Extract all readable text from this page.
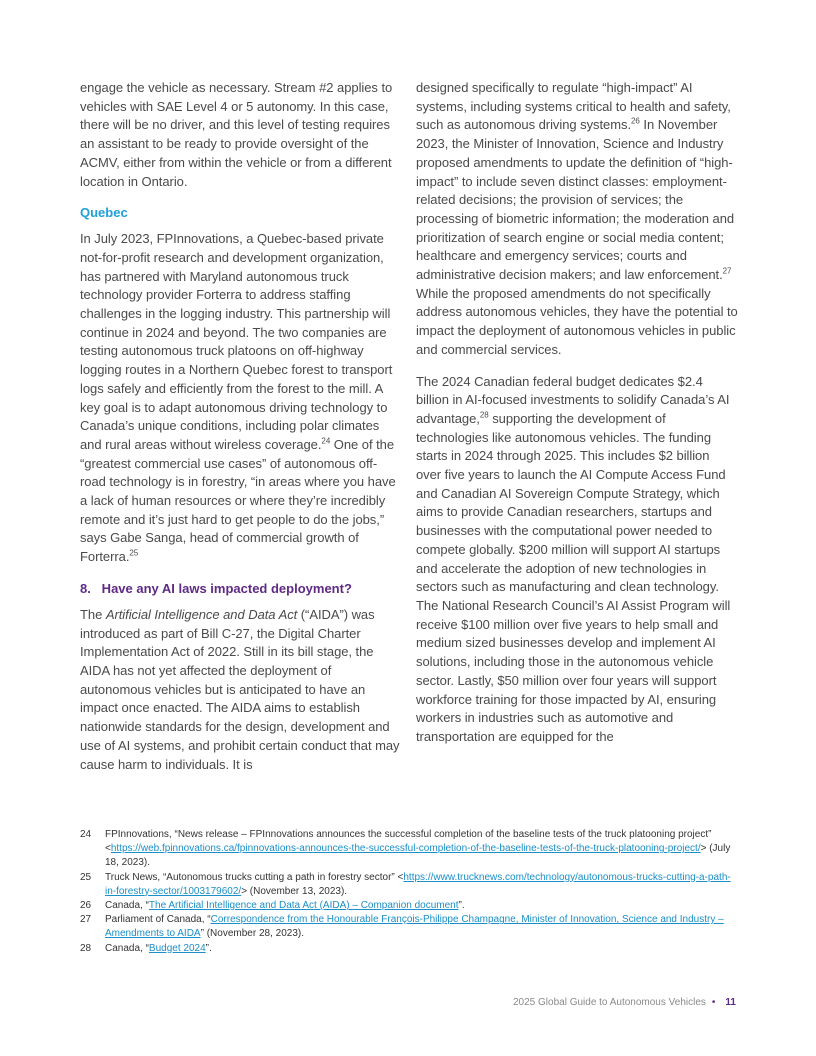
engage the vehicle as necessary. Stream #2 applies to vehicles with SAE Level 4 or 5 autonomy. In this case, there will be no driver, and this level of testing requires an assistant to be ready to provide oversight of the ACMV, either from within the vehicle or from a different location in Ontario.

Quebec

In July 2023, FPInnovations, a Quebec-based private not-for-profit research and development organization, has partnered with Maryland autonomous truck technology provider Forterra to address staffing challenges in the logging industry. This partnership will continue in 2024 and beyond. The two companies are testing autonomous truck platoons on off-highway logging routes in a Northern Quebec forest to transport logs safely and efficiently from the forest to the mill. A key goal is to adapt autonomous driving technology to Canada’s unique conditions, including polar climates and rural areas without wireless coverage.$^{24}$ One of the “greatest commercial use cases” of autonomous off-road technology is in forestry, “in areas where you have a lack of human resources or where they’re incredibly remote and it’s just hard to get people to do the jobs,” says Gabe Sanga, head of commercial growth of Forterra.$^{25}$

8.   Have any AI laws impacted deployment?

The Artificial Intelligence and Data Act (“AIDA”) was introduced as part of Bill C-27, the Digital Charter Implementation Act of 2022. Still in its bill stage, the AIDA has not yet affected the deployment of autonomous vehicles but is anticipated to have an impact once enacted. The AIDA aims to establish nationwide standards for the design, development and use of AI systems, and prohibit certain conduct that may cause harm to individuals. It is

designed specifically to regulate “high-impact” AI systems, including systems critical to health and safety, such as autonomous driving systems.$^{26}$ In November 2023, the Minister of Innovation, Science and Industry proposed amendments to update the definition of “high-impact” to include seven distinct classes: employment-related decisions; the provision of services; the processing of biometric information; the moderation and prioritization of search engine or social media content; healthcare and emergency services; courts and administrative decision makers; and law enforcement.$^{27}$ While the proposed amendments do not specifically address autonomous vehicles, they have the potential to impact the deployment of autonomous vehicles in public and commercial services.

The 2024 Canadian federal budget dedicates $2.4 billion in AI-focused investments to solidify Canada’s AI advantage,$^{28}$ supporting the development of technologies like autonomous vehicles. The funding starts in 2024 through 2025. This includes $2 billion over five years to launch the AI Compute Access Fund and Canadian AI Sovereign Compute Strategy, which aims to provide Canadian researchers, startups and businesses with the computational power needed to compete globally. $200 million will support AI startups and accelerate the adoption of new technologies in sectors such as manufacturing and clean technology. The National Research Council’s AI Assist Program will receive $100 million over five years to help small and medium sized businesses develop and implement AI solutions, including those in the autonomous vehicle sector. Lastly, $50 million over four years will support workforce training for those impacted by AI, ensuring workers in industries such as automotive and transportation are equipped for the

24	FPInnovations, “News release – FPInnovations announces the successful completion of the baseline tests of the truck platooning project” <https://web.fpinnovations.ca/fpinnovations-announces-the-successful-completion-of-the-baseline-tests-of-the-truck-platooning-project/> (July 18, 2023).
25	Truck News, “Autonomous trucks cutting a path in forestry sector” <https://www.trucknews.com/technology/autonomous-trucks-cutting-a-path-in-forestry-sector/1003179602/> (November 13, 2023).
26	Canada, “The Artificial Intelligence and Data Act (AIDA) – Companion document”.
27	Parliament of Canada, “Correspondence from the Honourable François-Philippe Champagne, Minister of Innovation, Science and Industry – Amendments to AIDA” (November 28, 2023).
28	Canada, “Budget 2024”.
2025 Global Guide to Autonomous Vehicles • 11
